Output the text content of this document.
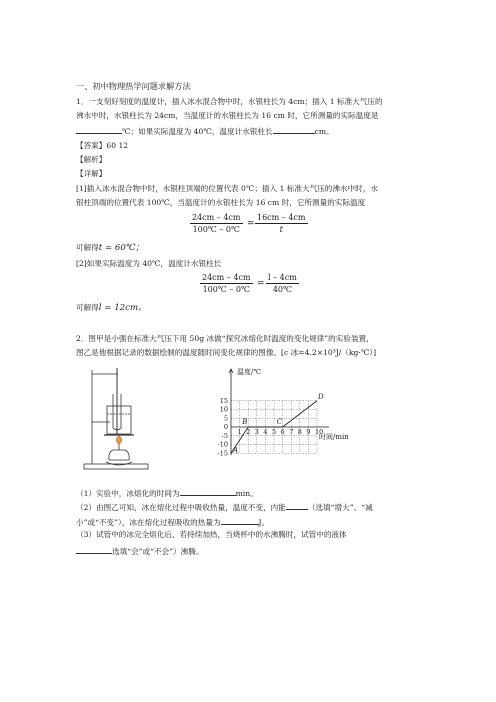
一、初中物理热学问题求解方法
1．一支刻好刻度的温度计，插入冰水混合物中时，水银柱长为 4cm；插入 1 标准大气压的
沸水中时，水银柱长为 24cm，当温度计的水银柱长为 16 cm 时，它所测量的实际温度是
℃；如果实际温度为 40℃，温度计水银柱长	cm。
【答案】60 12
【解析】
【详解】
[1]插入冰水混合物中时，水银柱顶端的位置代表 0℃；插入 1 标准大气压的沸水中时，水
银柱顶端的位置代表 100℃，当温度计的水银柱长为 16 cm 时，它所测量的实际温度
24cm – 4cm
100℃ – 0℃
=
16cm – 4cm
t
可解得t = 60℃；
[2]如果实际温度为 40℃，温度计水银柱长
24cm – 4cm
100℃ – 0℃
=
l – 4cm
40℃
可解得l = 12cm。
2．图甲是小强在标准大气压下用 50g 冰做“探究冰熔化时温度的变化规律”的实验装置，
图乙是他根据记录的数据绘制的温度随时间变化规律的图像。[c 冰=4.2×10³J/（kg·℃）]
15
10
5
0
-5
-10
-15
1 2 3 4 5 6 7 8 9 10
A
B	C
D
温度/℃
时间/min
（1）实验中，冰熔化的时间为	min。
（2）由图乙可知，冰在熔化过程中吸收热量，温度不变，内能	（选填“增大”、“减
小”或“不变”），冰在熔化过程吸收的热量为	J。
（3）试管中的冰完全熔化后，若持续加热，当烧杯中的水沸腾时，试管中的液体
选填“会”或“不会”）沸腾。
